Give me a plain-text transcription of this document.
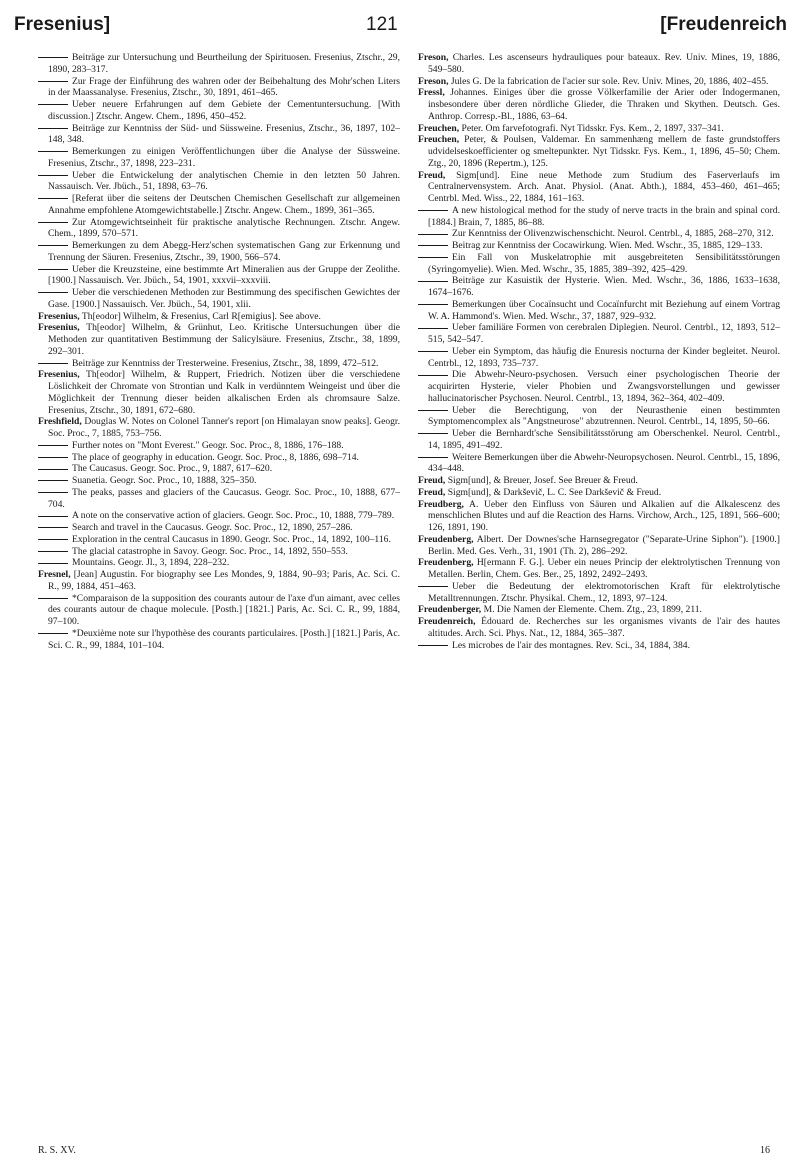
Fresenius]	121	[Freudenreich

Beiträge zur Untersuchung und Beurtheilung der Spirituosen. Fresenius, Ztschr., 29, 1890, 283–317.

Zur Frage der Einführung des wahren oder der Beibehaltung des Mohr'schen Liters in der Maassanalyse. Fresenius, Ztschr., 30, 1891, 461–465.

Ueber neuere Erfahrungen auf dem Gebiete der Cementuntersuchung. [With discussion.] Ztschr. Angew. Chem., 1896, 450–452.

Beiträge zur Kenntniss der Süd- und Süssweine. Fresenius, Ztschr., 36, 1897, 102–148, 348.

Bemerkungen zu einigen Veröffentlichungen über die Analyse der Süssweine. Fresenius, Ztschr., 37, 1898, 223–231.

Ueber die Entwickelung der analytischen Chemie in den letzten 50 Jahren. Nassauisch. Ver. Jbüch., 51, 1898, 63–76.

[Referat über die seitens der Deutschen Chemischen Gesellschaft zur allgemeinen Annahme empfohlene Atomgewichtstabelle.] Ztschr. Angew. Chem., 1899, 361–365.

Zur Atomgewichtseinheit für praktische analytische Rechnungen. Ztschr. Angew. Chem., 1899, 570–571.

Bemerkungen zu dem Abegg-Herz'schen systematischen Gang zur Erkennung und Trennung der Säuren. Fresenius, Ztschr., 39, 1900, 566–574.

Ueber die Kreuzsteine, eine bestimmte Art Mineralien aus der Gruppe der Zeolithe. [1900.] Nassauisch. Ver. Jbüch., 54, 1901, xxxvii–xxxviii.

Ueber die verschiedenen Methoden zur Bestimmung des specifischen Gewichtes der Gase. [1900.] Nassauisch. Ver. Jbüch., 54, 1901, xlii.

Fresenius, Th[eodor] Wilhelm, & Fresenius, Carl R[emigius]. See above.

Fresenius, Th[eodor] Wilhelm, & Grünhut, Leo. Kritische Untersuchungen über die Methoden zur quantitativen Bestimmung der Salicylsäure. Fresenius, Ztschr., 38, 1899, 292–301.

Beiträge zur Kenntniss der Tresterweine. Fresenius, Ztschr., 38, 1899, 472–512.

Fresenius, Th[eodor] Wilhelm, & Ruppert, Friedrich. Notizen über die verschiedene Löslichkeit der Chromate von Strontian und Kalk in verdünntem Weingeist und über die Möglichkeit der Trennung dieser beiden alkalischen Erden als chromsaure Salze. Fresenius, Ztschr., 30, 1891, 672–680.

Freshfield, Douglas W. Notes on Colonel Tanner's report [on Himalayan snow peaks]. Geogr. Soc. Proc., 7, 1885, 753–756.

Further notes on "Mont Everest." Geogr. Soc. Proc., 8, 1886, 176–188.

The place of geography in education. Geogr. Soc. Proc., 8, 1886, 698–714.

The Caucasus. Geogr. Soc. Proc., 9, 1887, 617–620.

Suanetia. Geogr. Soc. Proc., 10, 1888, 325–350.

The peaks, passes and glaciers of the Caucasus. Geogr. Soc. Proc., 10, 1888, 677–704.

A note on the conservative action of glaciers. Geogr. Soc. Proc., 10, 1888, 779–789.

Search and travel in the Caucasus. Geogr. Soc. Proc., 12, 1890, 257–286.

Exploration in the central Caucasus in 1890. Geogr. Soc. Proc., 14, 1892, 100–116.

The glacial catastrophe in Savoy. Geogr. Soc. Proc., 14, 1892, 550–553.

Mountains. Geogr. Jl., 3, 1894, 228–232.

Fresnel, [Jean] Augustin. For biography see Les Mondes, 9, 1884, 90–93; Paris, Ac. Sci. C. R., 99, 1884, 451–463.

*Comparaison de la supposition des courants autour de l'axe d'un aimant, avec celles des courants autour de chaque molecule. [Posth.] [1821.] Paris, Ac. Sci. C. R., 99, 1884, 97–100.

*Deuxième note sur l'hypothèse des courants particulaires. [Posth.] [1821.] Paris, Ac. Sci. C. R., 99, 1884, 101–104.

Freson, Charles. Les ascenseurs hydrauliques pour bateaux. Rev. Univ. Mines, 19, 1886, 549–580.

Freson, Jules G. De la fabrication de l'acier sur sole. Rev. Univ. Mines, 20, 1886, 402–455.

Fressl, Johannes. Einiges über die grosse Völkerfamilie der Arier oder Indogermanen, insbesondere über deren nördliche Glieder, die Thraken und Skythen. Deutsch. Ges. Anthrop. Corresp.-Bl., 1886, 63–64.

Freuchen, Peter. Om farvefotografi. Nyt Tidsskr. Fys. Kem., 2, 1897, 337–341.

Freuchen, Peter, & Poulsen, Valdemar. En sammenhæng mellem de faste grundstoffers udvidelseskoefficienter og smeltepunkter. Nyt Tidsskr. Fys. Kem., 1, 1896, 45–50; Chem. Ztg., 20, 1896 (Repertm.), 125.

Freud, Sigm[und]. Eine neue Methode zum Studium des Faserverlaufs im Centralnervensystem. Arch. Anat. Physiol. (Anat. Abth.), 1884, 453–460, 461–465; Centrbl. Med. Wiss., 22, 1884, 161–163.

A new histological method for the study of nerve tracts in the brain and spinal cord. [1884.] Brain, 7, 1885, 86–88.

Zur Kenntniss der Olivenzwischenschicht. Neurol. Centrbl., 4, 1885, 268–270, 312.

Beitrag zur Kenntniss der Cocawirkung. Wien. Med. Wschr., 35, 1885, 129–133.

Ein Fall von Muskelatrophie mit ausgebreiteten Sensibilitätsstörungen (Syringomyelie). Wien. Med. Wschr., 35, 1885, 389–392, 425–429.

Beiträge zur Kasuistik der Hysterie. Wien. Med. Wschr., 36, 1886, 1633–1638, 1674–1676.

Bemerkungen über Cocaïnsucht und Cocaïnfurcht mit Beziehung auf einem Vortrag W. A. Hammond's. Wien. Med. Wschr., 37, 1887, 929–932.

Ueber familiäre Formen von cerebralen Diplegien. Neurol. Centrbl., 12, 1893, 512–515, 542–547.

Ueber ein Symptom, das häufig die Enuresis nocturna der Kinder begleitet. Neurol. Centrbl., 12, 1893, 735–737.

Die Abwehr-Neuro-psychosen. Versuch einer psychologischen Theorie der acquirirten Hysterie, vieler Phobien und Zwangsvorstellungen und gewisser hallucinatorischer Psychosen. Neurol. Centrbl., 13, 1894, 362–364, 402–409.

Ueber die Berechtigung, von der Neurasthenie einen bestimmten Symptomencomplex als "Angstneurose" abzutrennen. Neurol. Centrbl., 14, 1895, 50–66.

Ueber die Bernhardt'sche Sensibilitätsstörung am Oberschenkel. Neurol. Centrbl., 14, 1895, 491–492.

Weitere Bemerkungen über die Abwehr-Neuropsychosen. Neurol. Centrbl., 15, 1896, 434–448.

Freud, Sigm[und], & Breuer, Josef. See Breuer & Freud.

Freud, Sigm[und], & Darkševič, L. C. See Darkševič & Freud.

Freudberg, A. Ueber den Einfluss von Säuren und Alkalien auf die Alkalescenz des menschlichen Blutes und auf die Reaction des Harns. Virchow, Arch., 125, 1891, 566–600; 126, 1891, 190.

Freudenberg, Albert. Der Downes'sche Harnsegregator ("Separate-Urine Siphon"). [1900.] Berlin. Med. Ges. Verh., 31, 1901 (Th. 2), 286–292.

Freudenberg, H[ermann F. G.]. Ueber ein neues Princip der elektrolytischen Trennung von Metallen. Berlin, Chem. Ges. Ber., 25, 1892, 2492–2493.

Ueber die Bedeutung der elektromotorischen Kraft für elektrolytische Metalltrennungen. Ztschr. Physikal. Chem., 12, 1893, 97–124.

Freudenberger, M. Die Namen der Elemente. Chem. Ztg., 23, 1899, 211.

Freudenreich, Édouard de. Recherches sur les organismes vivants de l'air des hautes altitudes. Arch. Sci. Phys. Nat., 12, 1884, 365–387.

Les microbes de l'air des montagnes. Rev. Sci., 34, 1884, 384.

R. S. XV.	16
